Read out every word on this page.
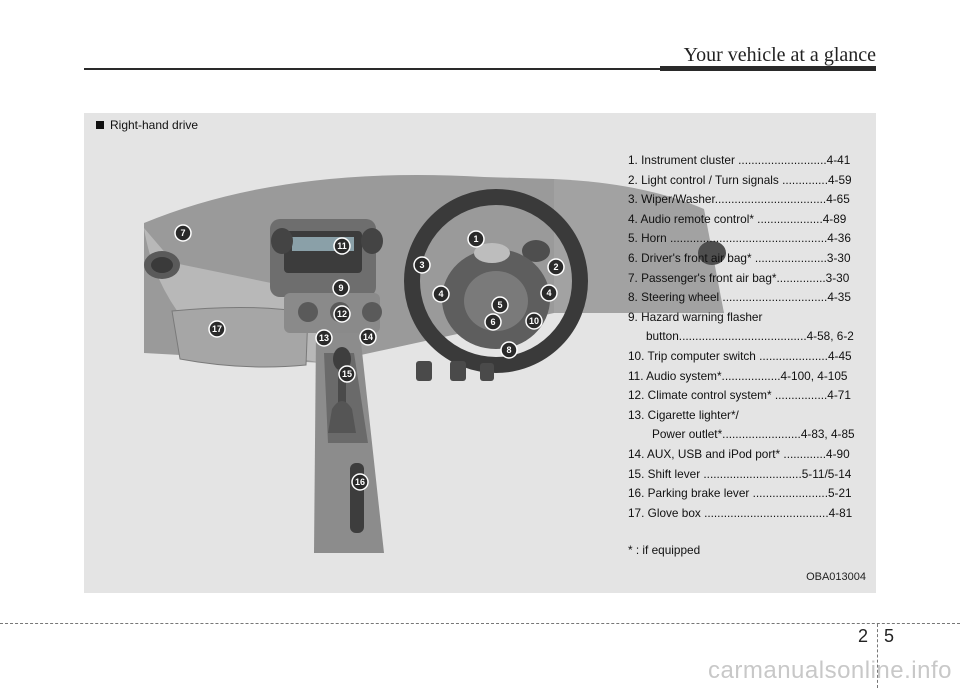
Your vehicle at a glance
1
2
3
4	4
5
6
7
8
9
10
11
12
13	14
15
16
17
Right-hand drive
1. Instrument cluster ...........................4-41
2. Light control / Turn signals ..............4-59
3. Wiper/Washer..................................4-65
4. Audio remote control* ....................4-89
5. Horn ................................................4-36
6. Driver's front air bag* ......................3-30
7. Passenger's front air bag*...............3-30
8. Steering wheel ................................4-35
9. Hazard warning flasher
button.......................................4-58, 6-2
10. Trip computer switch .....................4-45
11. Audio system*..................4-100, 4-105
12. Climate control system* ................4-71
13. Cigarette lighter*/
Power outlet*........................4-83, 4-85
14. AUX, USB and iPod port* .............4-90
15. Shift lever ..............................5-11/5-14
16. Parking brake lever .......................5-21
17. Glove box ......................................4-81
* : if equipped
OBA013004
2 5
carmanualsonline.info
